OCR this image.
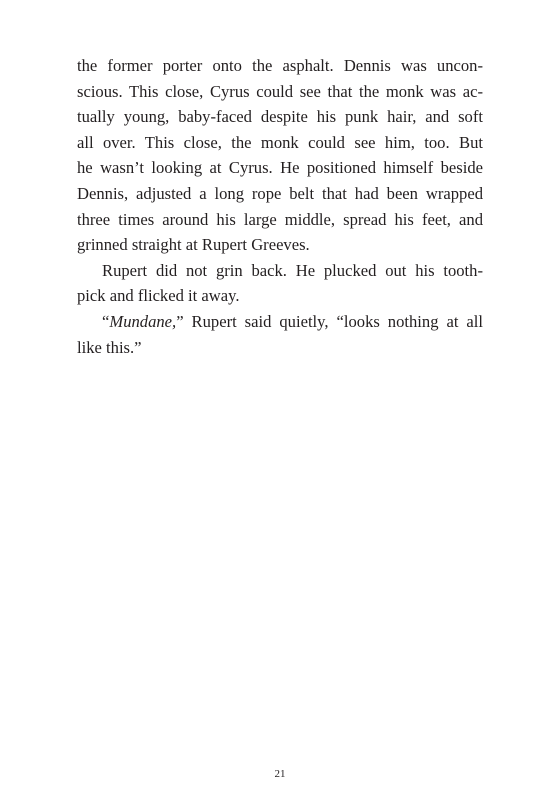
the former porter onto the asphalt. Dennis was uncon-
scious. This close, Cyrus could see that the monk was ac-
tually young, baby-faced despite his punk hair, and soft
all over. This close, the monk could see him, too. But
he wasn’t looking at Cyrus. He positioned himself beside
Dennis, adjusted a long rope belt that had been wrapped
three times around his large middle, spread his feet, and
grinned straight at Rupert Greeves.
Rupert did not grin back. He plucked out his tooth-
pick and flicked it away.
“Mundane,” Rupert said quietly, “looks nothing at all
like this.”
21
